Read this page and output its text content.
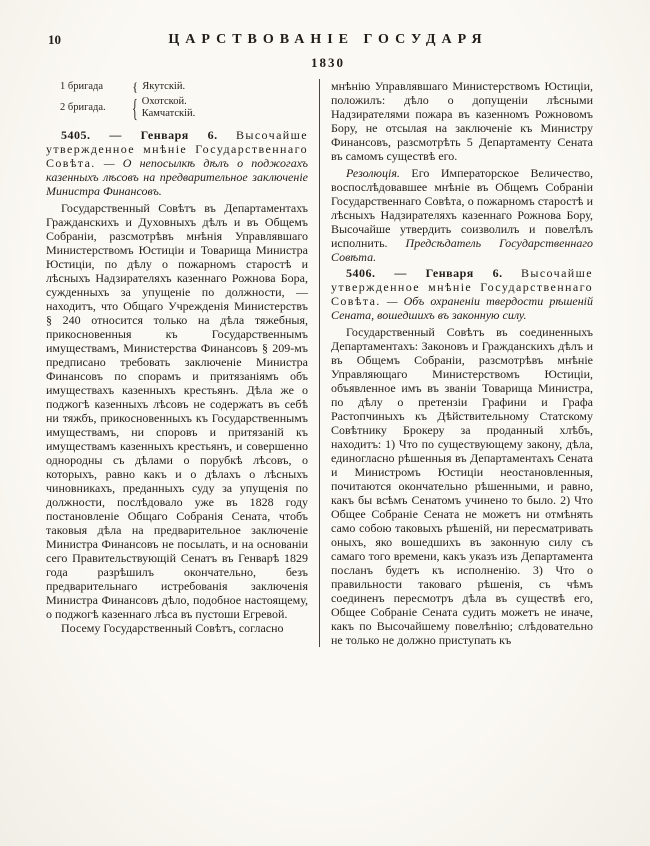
10	ЦАРСТВОВАНІЕ ГОСУДАРЯ
1830
1 бригада	{ Якутскій.
2 бригада.	{ Охотской.
Камчатскій.

5405. — Генваря 6. Высочайше утвержденное мнѣніе Государственнаго Совѣта. — О непосылкѣ дѣлъ о поджогахъ казенныхъ лѣсовъ на предварительное заключеніе Министра Финансовъ.

Государственный Совѣтъ въ Департаментахъ Гражданскихъ и Духовныхъ дѣлъ и въ Общемъ Собраніи, разсмотрѣвъ мнѣнія Управлявшаго Министерствомъ Юстиціи и Товарища Министра Юстиціи, по дѣлу о пожарномъ старостѣ и лѣсныхъ Надзирателяхъ казеннаго Рожнова Бора, сужденныхъ за упущеніе по должности, — находитъ, что Общаго Учрежденія Министерствъ § 240 относится только на дѣла тяжебныя, прикосновенныя къ Государственнымъ имуществамъ, Министерства Финансовъ § 209-мъ предписано требовать заключеніе Министра Финансовъ по спорамъ и притязаніямъ объ имуществахъ казенныхъ крестьянъ. Дѣла же о поджогѣ казенныхъ лѣсовъ не содержатъ въ себѣ ни тяжбъ, прикосновенныхъ къ Государственнымъ имуществамъ, ни споровъ и притязаній къ имуществамъ казенныхъ крестьянъ, и совершенно однородны съ дѣлами о порубкѣ лѣсовъ, о которыхъ, равно какъ и о дѣлахъ о лѣсныхъ чиновникахъ, преданныхъ суду за упущенія по должности, послѣдовало уже въ 1828 году постановленіе Общаго Собранія Сената, чтобъ таковыя дѣла на предварительное заключеніе Министра Финансовъ не посылать, и на основаніи сего Правительствующій Сенатъ въ Генварѣ 1829 года разрѣшилъ окончательно, безъ предварительнаго истребованія заключенія Министра Финансовъ дѣло, подобное настоящему, о поджогѣ казеннаго лѣса въ пустоши Егревой.

Посему Государственный Совѣтъ, согласно

мнѣнію Управлявшаго Министерствомъ Юстиціи, положилъ: дѣло о допущеніи лѣсными Надзирателями пожара въ казенномъ Рожновомъ Бору, не отсылая на заключеніе къ Министру Финансовъ, разсмотрѣть 5 Департаменту Сената въ самомъ существѣ его.

Резолюція. Его Императорское Величество, воспослѣдовавшее мнѣніе въ Общемъ Собраніи Государственнаго Совѣта, о пожарномъ старостѣ и лѣсныхъ Надзирателяхъ казеннаго Рожнова Бору, Высочайше утвердить соизволилъ и повелѣлъ исполнить. Предсѣдатель Государственнаго Совѣта.

5406. — Генваря 6. Высочайше утвержденное мнѣніе Государственнаго Совѣта. — Объ охраненіи твердости рѣшеній Сената, вошедшихъ въ законную силу.

Государственный Совѣтъ въ соединенныхъ Департаментахъ: Законовъ и Гражданскихъ дѣлъ и въ Общемъ Собраніи, разсмотрѣвъ мнѣніе Управляющаго Министерствомъ Юстиціи, объявленное имъ въ званіи Товарища Министра, по дѣлу о претензіи Графини и Графа Растопчиныхъ къ Дѣйствительному Статскому Совѣтнику Брокеру за проданный хлѣбъ, находитъ: 1) Что по существующему закону, дѣла, единогласно рѣшенныя въ Департаментахъ Сената и Министромъ Юстиціи неостановленныя, почитаются окончательно рѣшенными, и равно, какъ бы всѣмъ Сенатомъ учинено то было. 2) Что Общее Собраніе Сената не можетъ ни отмѣнять само собою таковыхъ рѣшеній, ни пересматривать оныхъ, яко вошедшихъ въ законную силу съ самаго того времени, какъ указъ изъ Департамента посланъ будетъ къ исполненію. 3) Что о правильности таковаго рѣшенія, съ чѣмъ соединенъ пересмотръ дѣла въ существѣ его, Общее Собраніе Сената судить можетъ не иначе, какъ по Высочайшему повелѣнію; слѣдовательно не только не должно приступать къ
